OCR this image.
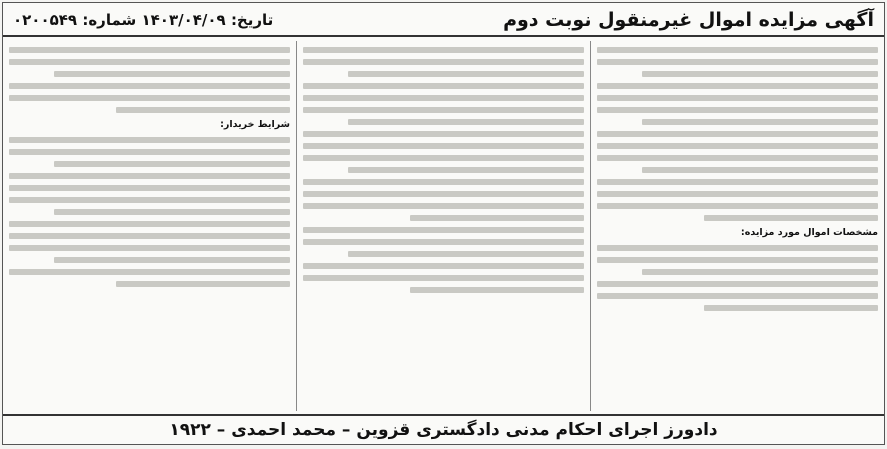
آگهی مزایده اموال غیرمنقول نوبت دوم
تاریخ: ۱۴۰۳/۰۴/۰۹ شماره: ۰۲۰۰۵۴۹
مشخصات اموال مورد مزایده:
شرایط خریدار:
دادورز اجرای احکام مدنی دادگستری قزوین – محمد احمدی – ۱۹۲۲
